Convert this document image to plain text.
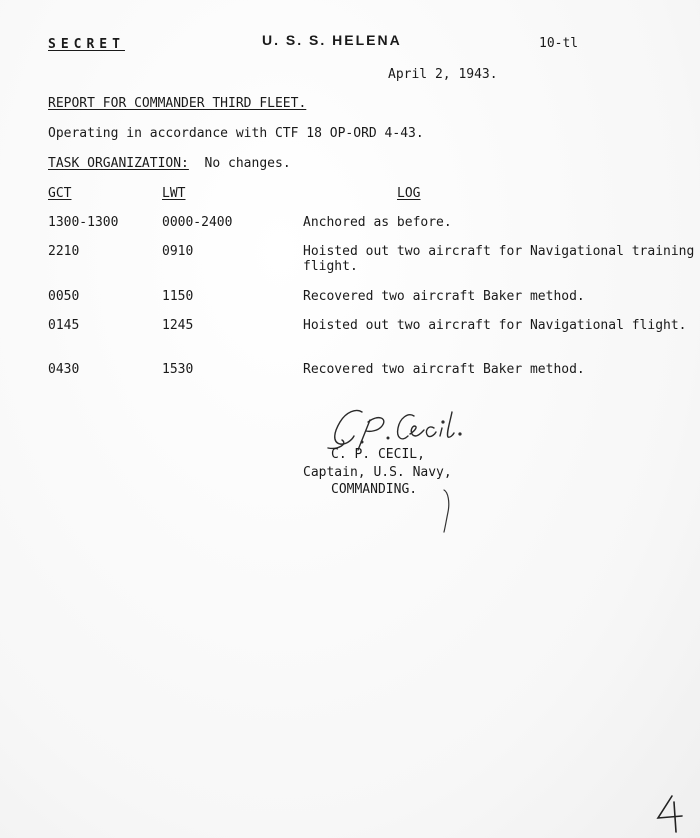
SECRET	U. S. S. HELENA	10-tl
April 2, 1943.
REPORT FOR COMMANDER THIRD FLEET.
Operating in accordance with CTF 18 OP-ORD 4-43.
TASK ORGANIZATION: No changes.
GCT	LWT	LOG
1300-1300	0000-2400	Anchored as before.
2210	0910	Hoisted out two aircraft for Navigational training flight.
0050	1150	Recovered two aircraft Baker method.
0145	1245	Hoisted out two aircraft for Navigational flight.
0430	1530	Recovered two aircraft Baker method.
C. P. CECIL,
Captain, U.S. Navy,
COMMANDING.
